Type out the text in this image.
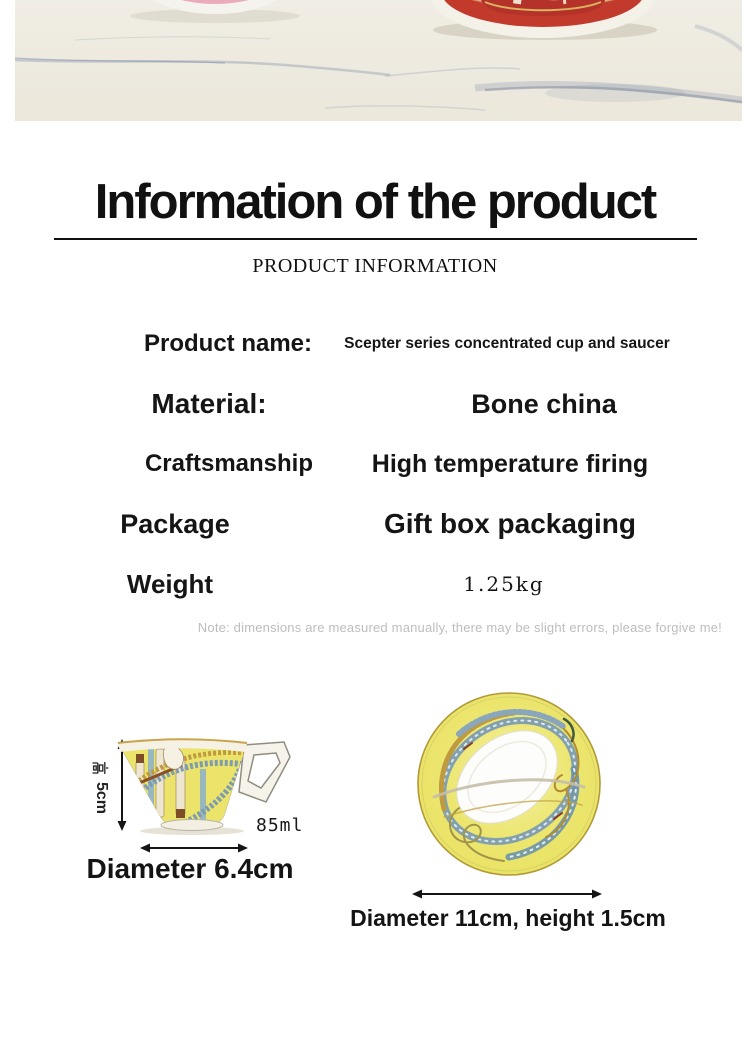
Information of the product
PRODUCT INFORMATION
Product name:	Scepter series concentrated cup and saucer
Material:	Bone china
Craftsmanship	High temperature firing
Package	Gift box packaging
Weight	1.25kg
Note: dimensions are measured manually, there may be slight errors, please forgive me!
5cm
85ml
Diameter 6.4cm
Diameter 11cm, height 1.5cm
